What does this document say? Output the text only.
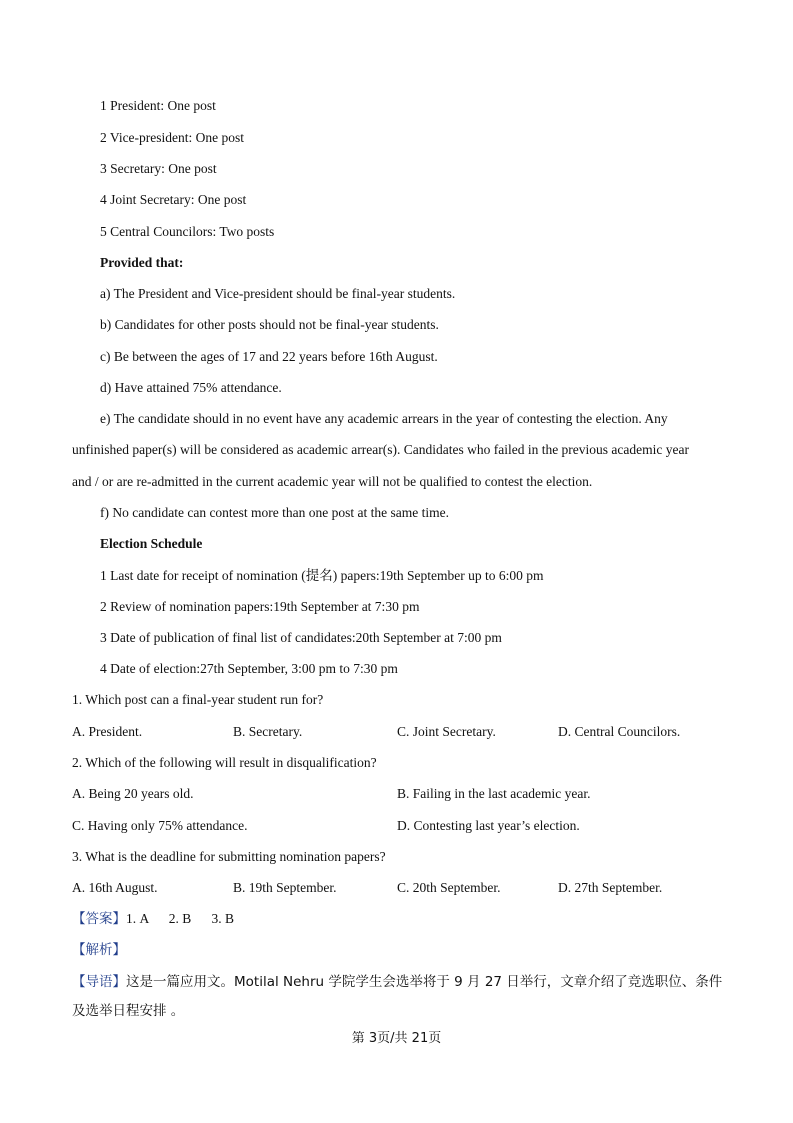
1 President: One post
2 Vice-president: One post
3 Secretary: One post
4 Joint Secretary: One post
5 Central Councilors: Two posts
Provided that:
a) The President and Vice-president should be final-year students.
b) Candidates for other posts should not be final-year students.
c) Be between the ages of 17 and 22 years before 16th August.
d) Have attained 75% attendance.
e) The candidate should in no event have any academic arrears in the year of contesting the election. Any
unfinished paper(s) will be considered as academic arrear(s). Candidates who failed in the previous academic year
and / or are re-admitted in the current academic year will not be qualified to contest the election.
f) No candidate can contest more than one post at the same time.
Election Schedule
1 Last date for receipt of nomination (提名) papers:19th September up to 6:00 pm
2 Review of nomination papers:19th September at 7:30 pm
3 Date of publication of final list of candidates:20th September at 7:00 pm
4 Date of election:27th September, 3:00 pm to 7:30 pm
1. Which post can a final-year student run for?
A. President.	B. Secretary.	C. Joint Secretary.	D. Central Councilors.
2. Which of the following will result in disqualification?
A. Being 20 years old.	B. Failing in the last academic year.
C. Having only 75% attendance.	D. Contesting last year’s election.
3. What is the deadline for submitting nomination papers?
A. 16th August.	B. 19th September.	C. 20th September.	D. 27th September.
【答案】1. A      2. B      3. B
【解析】
【导语】这是一篇应用文。Motilal Nehru 学院学生会选举将于 9 月 27 日举行，文章介绍了竞选职位、条件
及选举日程安排 。
第 3页/共 21页
